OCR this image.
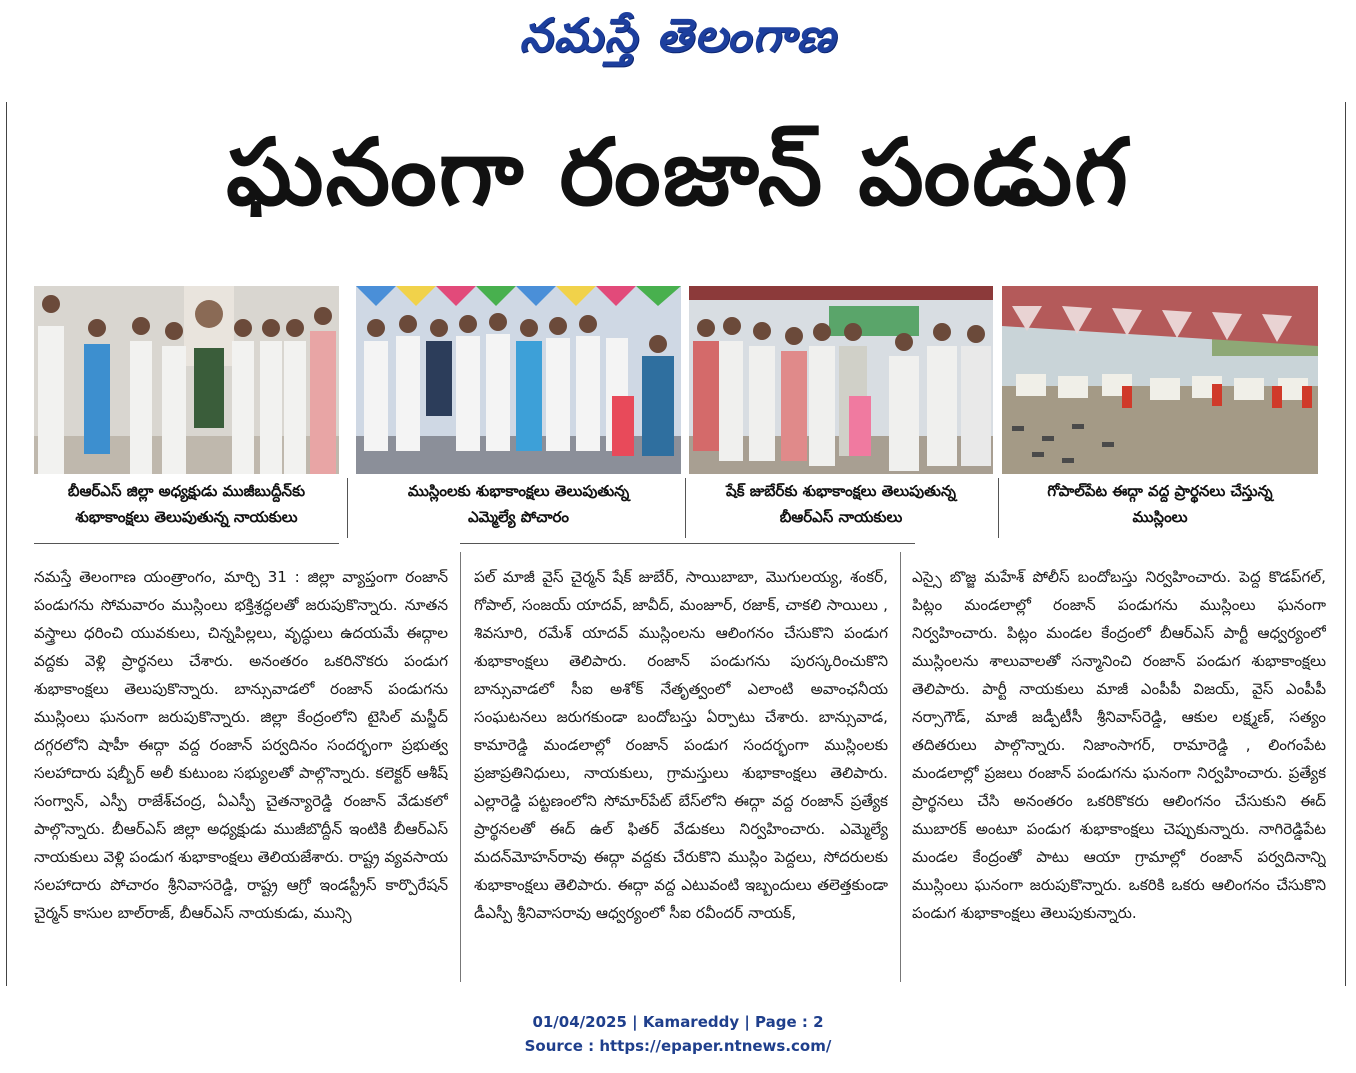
నమస్తే తెలంగాణ
ఘనంగా రంజాన్ పండుగ
బీఆర్ఎస్ జిల్లా అధ్యక్షుడు ముజీబుద్దీన్‌కు
శుభాకాంక్షలు తెలుపుతున్న నాయకులు
ముస్లింలకు శుభాకాంక్షలు తెలుపుతున్న
ఎమ్మెల్యే పోచారం
షేక్ జుబేర్‌కు శుభాకాంక్షలు తెలుపుతున్న
బీఆర్ఎస్ నాయకులు
గోపాల్‌పేట ఈద్గా వద్ద ప్రార్థనలు చేస్తున్న
ముస్లింలు
నమస్తే తెలంగాణ యంత్రాంగం, మార్చి 31 : జిల్లా వ్యాప్తంగా రంజాన్ పండుగను సోమవారం ముస్లింలు భక్తిశ్రద్ధలతో జరుపుకొన్నారు. నూతన వస్త్రాలు ధరించి యువకులు, చిన్నపిల్లలు, వృద్ధులు ఉదయమే ఈద్గాల వద్దకు వెళ్లి ప్రార్థనలు చేశారు. అనంతరం ఒకరినొకరు పండుగ శుభాకాంక్షలు తెలుపుకొన్నారు. బాన్సువాడలో రంజాన్ పండుగను ముస్లింలు ఘనంగా జరుపుకొన్నారు. జిల్లా కేంద్రంలోని టైసిల్ మస్జీద్ దగ్గరలోని షాహీ ఈద్గా వద్ద రంజాన్ పర్వదినం సందర్భంగా ప్రభుత్వ సలహాదారు షబ్బీర్ అలీ కుటుంబ సభ్యులతో పాల్గొన్నారు. కలెక్టర్ ఆశీష్ సంగ్వాన్, ఎస్పీ రాజేశ్‌చంద్ర, ఏఎస్పీ చైతన్యారెడ్డి రంజాన్ వేడుకలో పాల్గొన్నారు. బీఆర్ఎస్ జిల్లా అధ్యక్షుడు ముజీబొద్దీన్ ఇంటికి బీఆర్ఎస్ నాయకులు వెళ్లి పండుగ శుభాకాంక్షలు తెలియజేశారు. రాష్ట్ర వ్యవసాయ సలహాదారు పోచారం శ్రీనివాసరెడ్డి, రాష్ట్ర ఆగ్రో ఇండస్ట్రీస్ కార్పొరేషన్ చైర్మన్ కాసుల బాల్‌రాజ్, బీఆర్ఎస్ నాయకుడు, మున్సి
పల్ మాజీ వైస్ చైర్మన్ షేక్ జుబేర్, సాయిబాబా, మొగులయ్య, శంకర్, గోపాల్, సంజయ్ యాదవ్, జావీద్, మంజూర్, రజాక్, చాకలి సాయిలు , శివసూరి, రమేశ్ యాదవ్ ముస్లింలను ఆలింగనం చేసుకొని పండుగ శుభాకాంక్షలు తెలిపారు. రంజాన్ పండుగను పురస్కరించుకొని బాన్సువాడలో సీఐ అశోక్ నేతృత్వంలో ఎలాంటి అవాంఛనీయ సంఘటనలు జరుగకుండా బందోబస్తు ఏర్పాటు చేశారు. బాన్సువాడ, కామారెడ్డి మండలాల్లో రంజాన్ పండుగ సందర్భంగా ముస్లింలకు ప్రజాప్రతినిధులు, నాయకులు, గ్రామస్తులు శుభాకాంక్షలు తెలిపారు. ఎల్లారెడ్డి పట్టణంలోని సోమార్‌పేట్ బేస్‌లోని ఈద్గా వద్ద రంజాన్ ప్రత్యేక ప్రార్థనలతో ఈద్ ఉల్ ఫితర్ వేడుకలు నిర్వహించారు. ఎమ్మెల్యే మదన్‌మోహన్‌రావు ఈద్గా వద్దకు చేరుకొని ముస్లిం పెద్దలు, సోదరులకు శుభాకాంక్షలు తెలిపారు. ఈద్గా వద్ద ఎటువంటి ఇబ్బందులు తలెత్తకుండా డీఎస్పీ శ్రీనివాసరావు ఆధ్వర్యంలో సీఐ రవీందర్ నాయక్,
ఎస్సై బొజ్జ మహేశ్ పోలీస్ బందోబస్తు నిర్వహించారు. పెద్ద కొడప్‌గల్, పిట్లం మండలాల్లో రంజాన్ పండుగను ముస్లింలు ఘనంగా నిర్వహించారు. పిట్లం మండల కేంద్రంలో బీఆర్ఎస్ పార్టీ ఆధ్వర్యంలో ముస్లింలను శాలువాలతో సన్మానించి రంజాన్ పండుగ శుభాకాంక్షలు తెలిపారు. పార్టీ నాయకులు మాజీ ఎంపీపీ విజయ్, వైస్ ఎంపీపీ నర్సాగౌడ్, మాజీ జడ్పీటీసీ శ్రీనివాస్‌రెడ్డి, ఆకుల లక్ష్మణ్, సత్యం తదితరులు పాల్గొన్నారు. నిజాంసాగర్, రామారెడ్డి , లింగంపేట మండలాల్లో ప్రజలు రంజాన్ పండుగను ఘనంగా నిర్వహించారు. ప్రత్యేక ప్రార్థనలు చేసి అనంతరం ఒకరికొకరు ఆలింగనం చేసుకుని ఈద్ ముబారక్ అంటూ పండుగ శుభాకాంక్షలు చెప్పుకున్నారు. నాగిరెడ్డిపేట మండల కేంద్రంతో పాటు ఆయా గ్రామాల్లో రంజాన్ పర్వదినాన్ని ముస్లింలు ఘనంగా జరుపుకొన్నారు. ఒకరికి ఒకరు ఆలింగనం చేసుకొని పండుగ శుభాకాంక్షలు తెలుపుకున్నారు.
01/04/2025 | Kamareddy | Page : 2
Source : https://epaper.ntnews.com/
